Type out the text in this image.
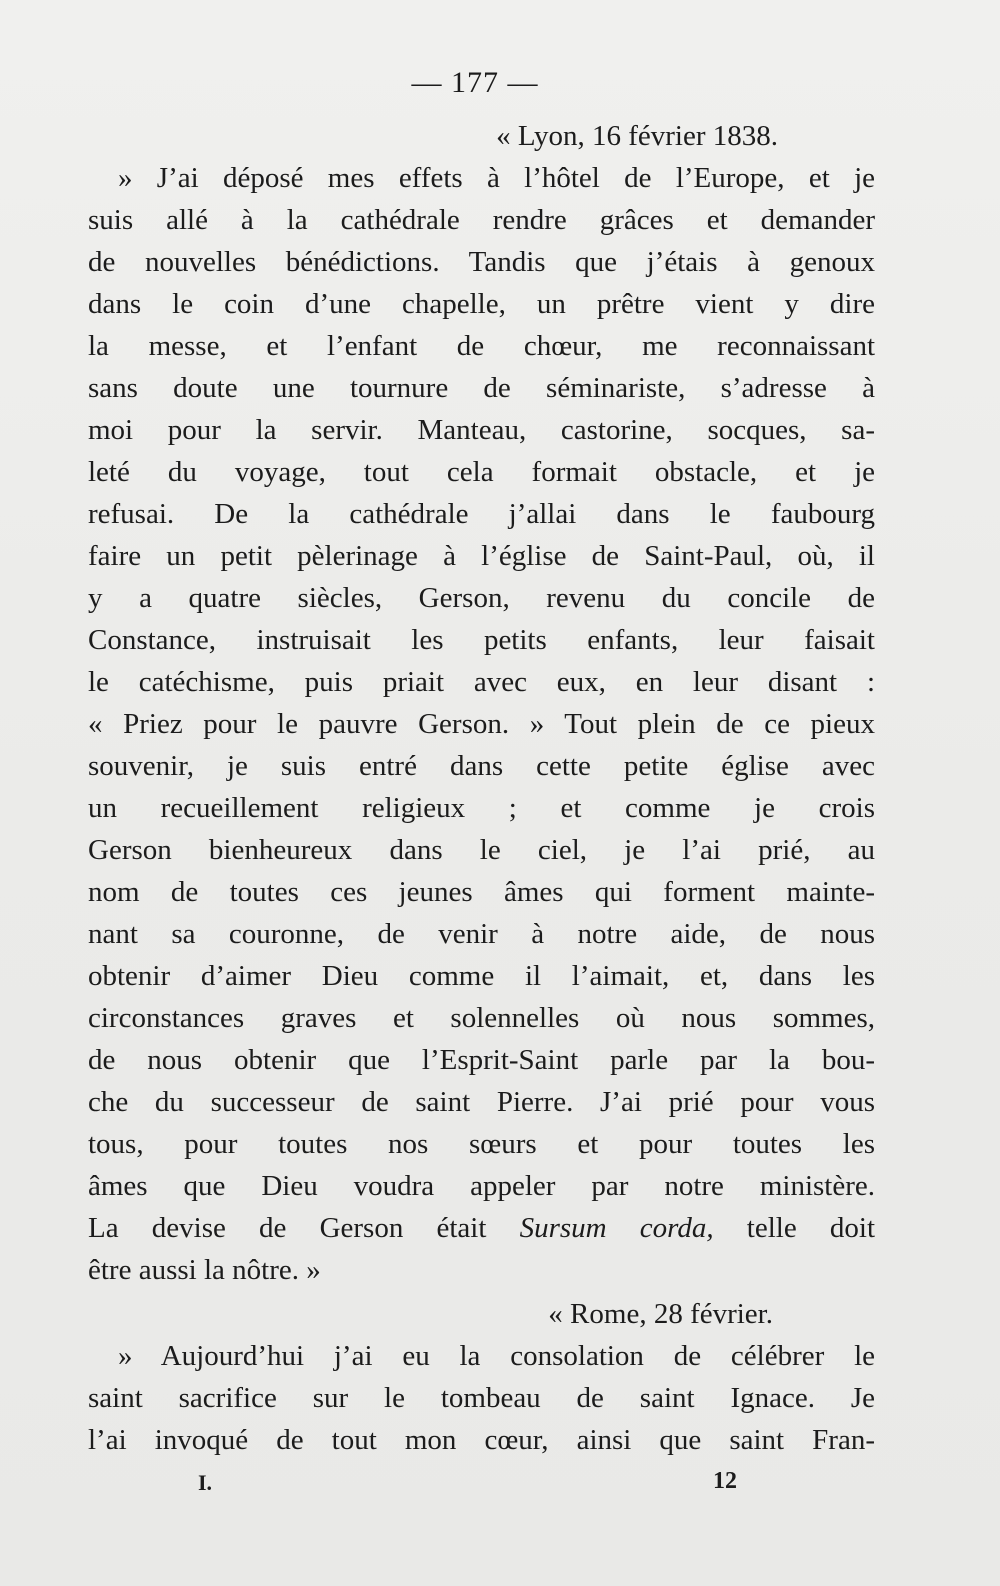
— 177 —
« Lyon, 16 février 1838.
» J’ai déposé mes effets à l’hôtel de l’Europe, et je
suis allé à la cathédrale rendre grâces et demander
de nouvelles bénédictions. Tandis que j’étais à genoux
dans le coin d’une chapelle, un prêtre vient y dire
la messe, et l’enfant de chœur, me reconnaissant
sans doute une tournure de séminariste, s’adresse à
moi pour la servir. Manteau, castorine, socques, sa-
leté du voyage, tout cela formait obstacle, et je
refusai. De la cathédrale j’allai dans le faubourg
faire un petit pèlerinage à l’église de Saint-Paul, où, il
y a quatre siècles, Gerson, revenu du concile de
Constance, instruisait les petits enfants, leur faisait
le catéchisme, puis priait avec eux, en leur disant :
« Priez pour le pauvre Gerson. » Tout plein de ce pieux
souvenir, je suis entré dans cette petite église avec
un recueillement religieux ; et comme je crois
Gerson bienheureux dans le ciel, je l’ai prié, au
nom de toutes ces jeunes âmes qui forment mainte-
nant sa couronne, de venir à notre aide, de nous
obtenir d’aimer Dieu comme il l’aimait, et, dans les
circonstances graves et solennelles où nous sommes,
de nous obtenir que l’Esprit-Saint parle par la bou-
che du successeur de saint Pierre. J’ai prié pour vous
tous, pour toutes nos sœurs et pour toutes les
âmes que Dieu voudra appeler par notre ministère.
La devise de Gerson était Sursum corda, telle doit
être aussi la nôtre. »
« Rome, 28 février.
» Aujourd’hui j’ai eu la consolation de célébrer le
saint sacrifice sur le tombeau de saint Ignace. Je
l’ai invoqué de tout mon cœur, ainsi que saint Fran-
I.	12
